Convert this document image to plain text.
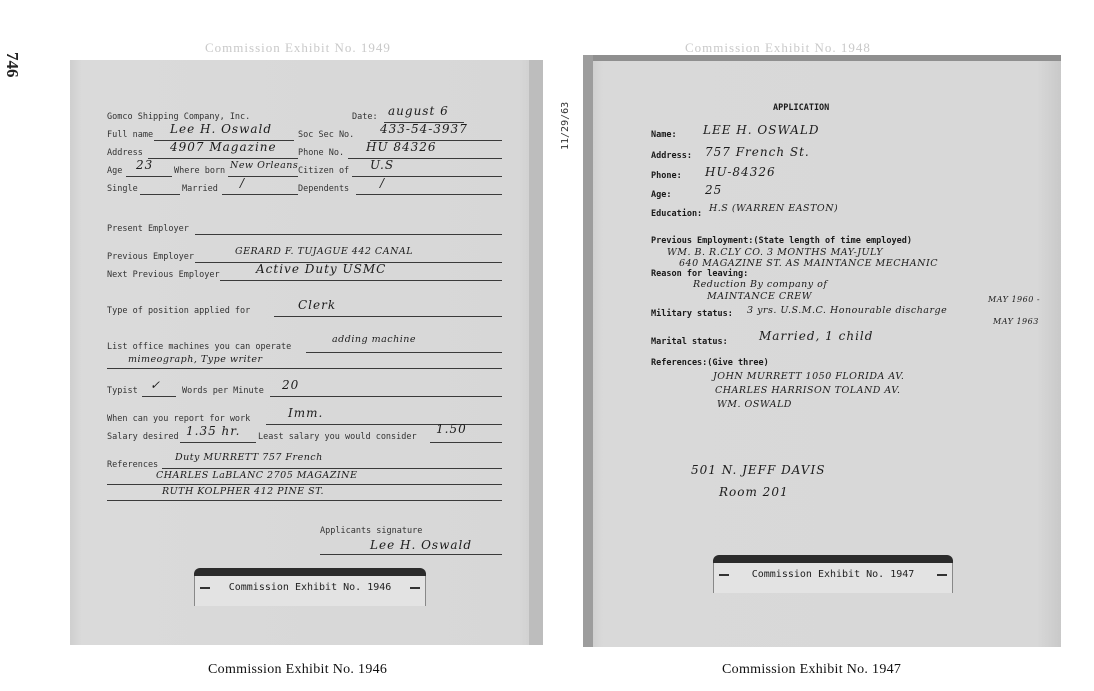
746
Commission Exhibit No. 1949	Commission Exhibit No. 1948
Gomco Shipping Company, Inc.	Date: august 6
Full name Lee H. Oswald	Soc Sec No. 433-54-3937
Address 4907 Magazine	Phone No. HU 84326
Age 23 Where born New Orleans Citizen of U.S
Single	Married /	Dependents	/
Present Employer
Previous Employer	GERARD F. TUJAGUE 442 CANAL
Next Previous Employer	Active Duty USMC
Type of position applied for	Clerk
List office machines you can operate
adding machine
mimeograph, Type writer
Typist ✓ Words per Minute 20
When can you report for work	Imm.
Salary desired 1.35 hr. Least salary you would consider
1.50
References
Duty MURRETT 757 French
CHARLES LaBLANC 2705 MAGAZINE
RUTH KOLPHER 412 PINE ST.
Applicants signature
Lee H. Oswald
Commission Exhibit No. 1946
11/29/63	APPLICATION
Name: LEE H. OSWALD
Address: 757 French St.
Phone: HU-84326
Age:	25
Education: H.S (WARREN EASTON)
Previous Employment:(State length of time employed)
WM. B. R.CLY CO. 3 MONTHS MAY-JULY
640 MAGAZINE ST. AS MAINTANCE MECHANIC
Reason for leaving:
Reduction By company of
MAINTANCE CREW
Military status: 3 yrs. U.S.M.C. Honourable discharge
MAY 1960 -
MAY 1963
Marital status:	Married, 1 child
References:(Give three)
JOHN MURRETT 1050 FLORIDA AV.
CHARLES HARRISON TOLAND AV.
WM. OSWALD
501 N. JEFF DAVIS
Room 201
Commission Exhibit No. 1947
Commission Exhibit No. 1946	Commission Exhibit No. 1947
